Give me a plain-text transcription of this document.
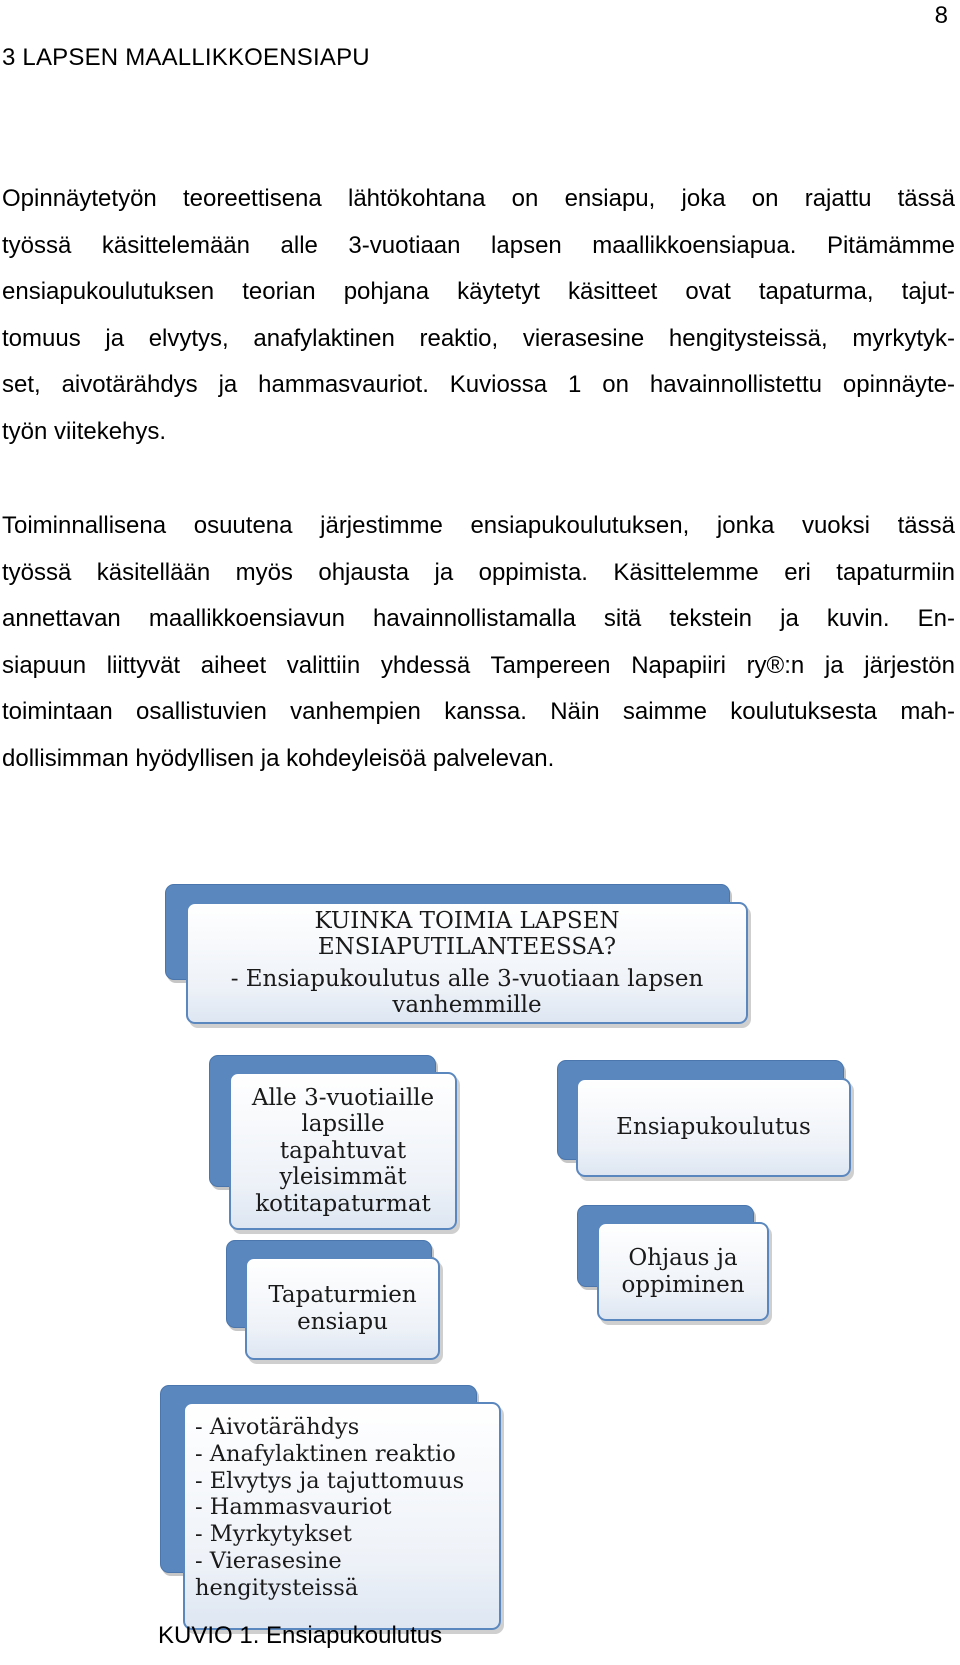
8
3 LAPSEN MAALLIKKOENSIAPU

Opinnäytetyön teoreettisena lähtökohtana on ensiapu, joka on rajattu tässä
työssä käsittelemään alle 3-vuotiaan lapsen maallikkoensiapua. Pitämämme
ensiapukoulutuksen teorian pohjana käytetyt käsitteet ovat tapaturma, tajut-
tomuus ja elvytys, anafylaktinen reaktio, vierasesine hengitysteissä, myrkytyk-
set, aivotärähdys ja hammasvauriot. Kuviossa 1 on havainnollistettu opinnäyte-
työn viitekehys.

Toiminnallisena osuutena järjestimme ensiapukoulutuksen, jonka vuoksi tässä
työssä käsitellään myös ohjausta ja oppimista. Käsittelemme eri tapaturmiin
annettavan maallikkoensiavun havainnollistamalla sitä tekstein ja kuvin. En-
siapuun liittyvät aiheet valittiin yhdessä Tampereen Napapiiri ry®:n ja järjestön
toimintaan osallistuvien vanhempien kanssa. Näin saimme koulutuksesta mah-
dollisimman hyödyllisen ja kohdeyleisöä palvelevan.

KUINKA TOIMIA LAPSEN
ENSIAPUTILANTEESSA?
- Ensiapukoulutus alle 3-vuotiaan lapsen
vanhemmille
Alle 3-vuotiaille
lapsille
tapahtuvat
yleisimmät
kotitapaturmat
Tapaturmien
ensiapu
- Aivotärähdys
- Anafylaktinen reaktio
- Elvytys ja tajuttomuus
- Hammasvauriot
- Myrkytykset
- Vierasesine
hengitysteissä
Ensiapukoulutus
Ohjaus ja
oppiminen
KUVIO 1. Ensiapukoulutus
